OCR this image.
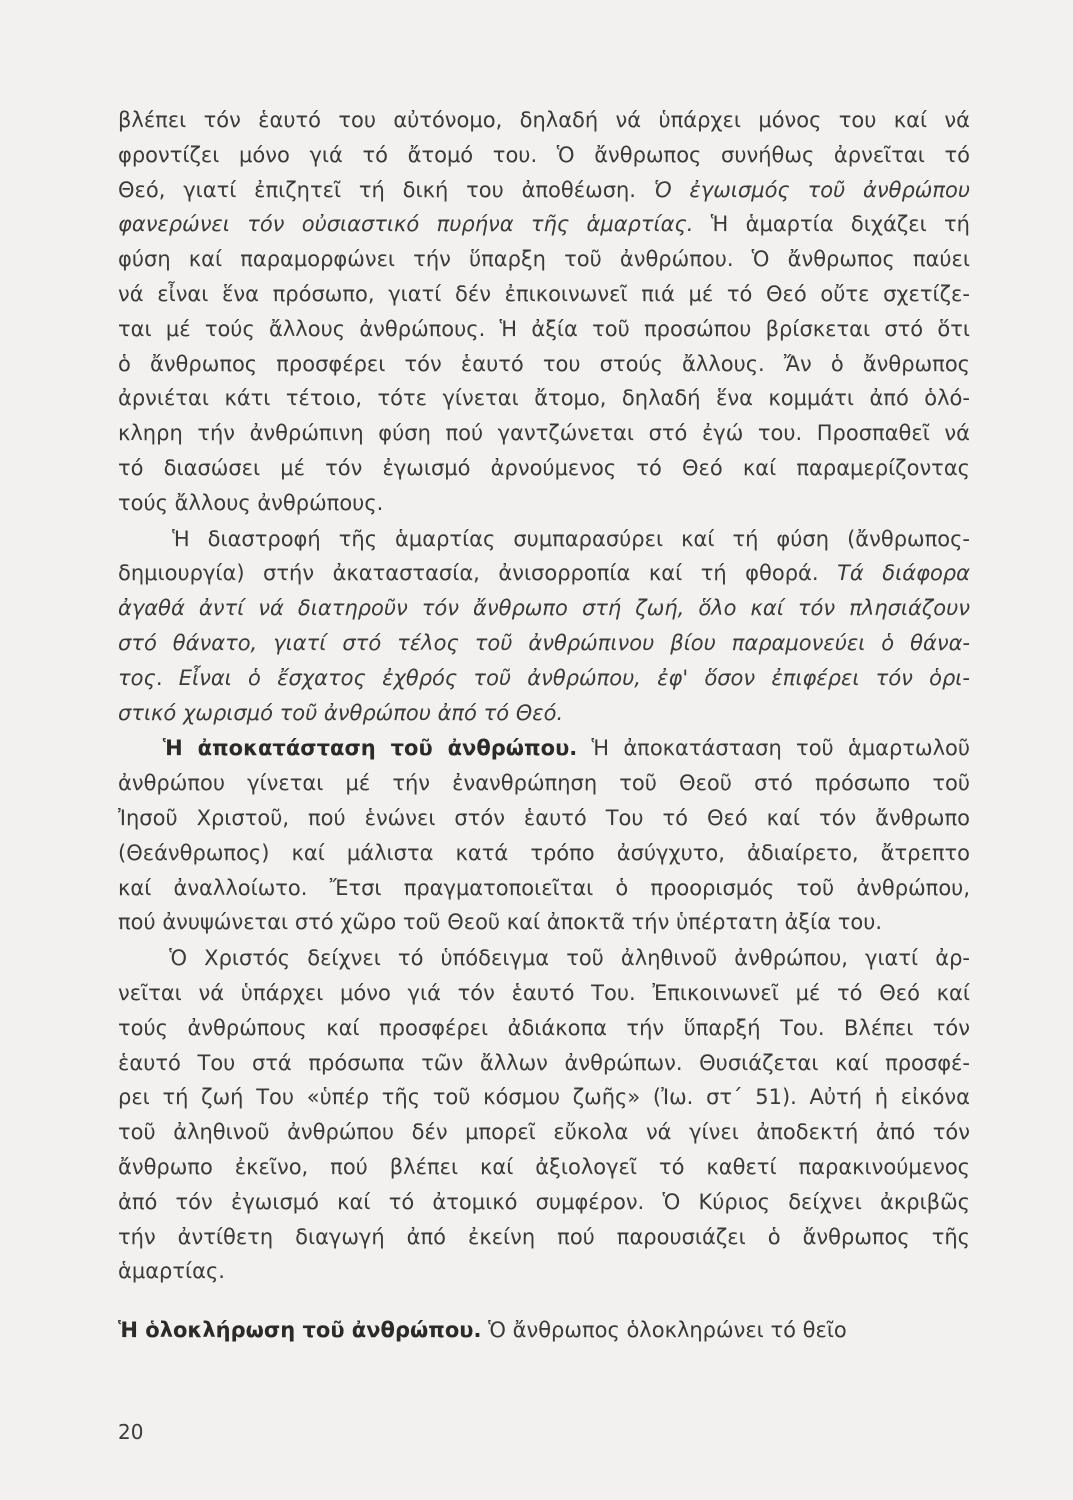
βλέπει τόν ἑαυτό του αὐτόνομο, δηλαδή νά ὑπάρχει μόνος του καί νά
φροντίζει μόνο γιά τό ἄτομό του. Ὁ ἄνθρωπος συνήθως ἀρνεῖται τό
Θεό, γιατί ἐπιζητεῖ τή δική του ἀποθέωση. Ὁ ἐγωισμός τοῦ ἀνθρώπου
φανερώνει τόν οὐσιαστικό πυρήνα τῆς ἁμαρτίας. Ἡ ἁμαρτία διχάζει τή
φύση καί παραμορφώνει τήν ὕπαρξη τοῦ ἀνθρώπου. Ὁ ἄνθρωπος παύει
νά εἶναι ἕνα πρόσωπο, γιατί δέν ἐπικοινωνεῖ πιά μέ τό Θεό οὔτε σχετίζε-
ται μέ τούς ἄλλους ἀνθρώπους. Ἡ ἀξία τοῦ προσώπου βρίσκεται στό ὅτι
ὁ ἄνθρωπος προσφέρει τόν ἑαυτό του στούς ἄλλους. Ἄν ὁ ἄνθρωπος
ἀρνιέται κάτι τέτοιο, τότε γίνεται ἄτομο, δηλαδή ἕνα κομμάτι ἀπό ὁλό-
κληρη τήν ἀνθρώπινη φύση πού γαντζώνεται στό ἐγώ του. Προσπαθεῖ νά
τό διασώσει μέ τόν ἐγωισμό ἀρνούμενος τό Θεό καί παραμερίζοντας
τούς ἄλλους ἀνθρώπους.
Ἡ διαστροφή τῆς ἁμαρτίας συμπαρασύρει καί τή φύση (ἄνθρωπος-
δημιουργία) στήν ἀκαταστασία, ἀνισορροπία καί τή φθορά. Τά διάφορα
ἀγαθά ἀντί νά διατηροῦν τόν ἄνθρωπο στή ζωή, ὅλο καί τόν πλησιάζουν
στό θάνατο, γιατί στό τέλος τοῦ ἀνθρώπινου βίου παραμονεύει ὁ θάνα-
τος. Εἶναι ὁ ἔσχατος ἐχθρός τοῦ ἀνθρώπου, ἐφ' ὅσον ἐπιφέρει τόν ὁρι-
στικό χωρισμό τοῦ ἀνθρώπου ἀπό τό Θεό.
Ἡ ἀποκατάσταση τοῦ ἀνθρώπου. Ἡ ἀποκατάσταση τοῦ ἁμαρτωλοῦ
ἀνθρώπου γίνεται μέ τήν ἐνανθρώπηση τοῦ Θεοῦ στό πρόσωπο τοῦ
Ἰησοῦ Χριστοῦ, πού ἑνώνει στόν ἑαυτό Του τό Θεό καί τόν ἄνθρωπο
(Θεάνθρωπος) καί μάλιστα κατά τρόπο ἀσύγχυτο, ἀδιαίρετο, ἄτρεπτο
καί ἀναλλοίωτο. Ἔτσι πραγματοποιεῖται ὁ προορισμός τοῦ ἀνθρώπου,
πού ἀνυψώνεται στό χῶρο τοῦ Θεοῦ καί ἀποκτᾶ τήν ὑπέρτατη ἀξία του.
Ὁ Χριστός δείχνει τό ὑπόδειγμα τοῦ ἀληθινοῦ ἀνθρώπου, γιατί ἀρ-
νεῖται νά ὑπάρχει μόνο γιά τόν ἑαυτό Του. Ἐπικοινωνεῖ μέ τό Θεό καί
τούς ἀνθρώπους καί προσφέρει ἀδιάκοπα τήν ὕπαρξή Του. Βλέπει τόν
ἑαυτό Του στά πρόσωπα τῶν ἄλλων ἀνθρώπων. Θυσιάζεται καί προσφέ-
ρει τή ζωή Του «ὑπέρ τῆς τοῦ κόσμου ζωῆς» (Ἰω. στ΄ 51). Αὐτή ἡ εἰκόνα
τοῦ ἀληθινοῦ ἀνθρώπου δέν μπορεῖ εὔκολα νά γίνει ἀποδεκτή ἀπό τόν
ἄνθρωπο ἐκεῖνο, πού βλέπει καί ἀξιολογεῖ τό καθετί παρακινούμενος
ἀπό τόν ἐγωισμό καί τό ἀτομικό συμφέρον. Ὁ Κύριος δείχνει ἀκριβῶς
τήν ἀντίθετη διαγωγή ἀπό ἐκείνη πού παρουσιάζει ὁ ἄνθρωπος τῆς
ἁμαρτίας.
Ἡ ὁλοκλήρωση τοῦ ἀνθρώπου. Ὁ ἄνθρωπος ὁλοκληρώνει τό θεῖο
20
